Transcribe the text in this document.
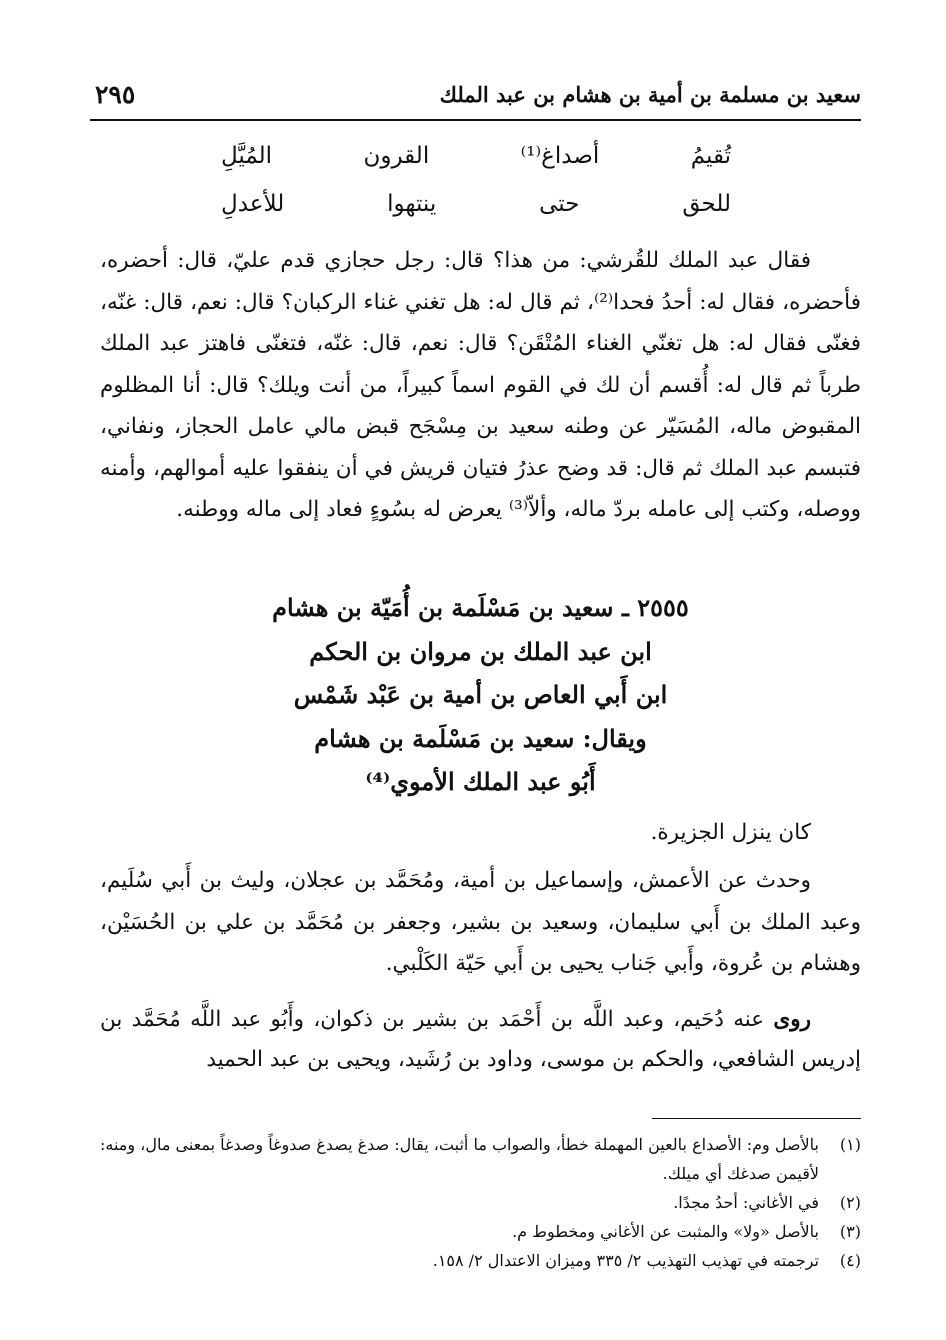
سعيد بن مسلمة بن أمية بن هشام بن عبد الملك
٢٩٥
تُقيمُ أصداغ⁽¹⁾ القرون المُيَّلِ
للحق حتى ينتهوا للأعدلِ
فقال عبد الملك للقُرشي: من هذا؟ قال: رجل حجازي قدم عليّ، قال: أحضره، فأحضره، فقال له: أحدُ فحدا⁽²⁾، ثم قال له: هل تغني غناء الركبان؟ قال: نعم، قال: غنّه، فغنّى فقال له: هل تغنّي الغناء المُتْقَن؟ قال: نعم، قال: غنّه، فتغنّى فاهتز عبد الملك طرباً ثم قال له: أُقسم أن لك في القوم اسماً كبيراً، من أنت ويلك؟ قال: أنا المظلوم المقبوض ماله، المُسَيّر عن وطنه سعيد بن مِسْجَح قبض مالي عامل الحجاز، ونفاني، فتبسم عبد الملك ثم قال: قد وضح عذرُ فتيان قريش في أن ينفقوا عليه أموالهم، وأمنه ووصله، وكتب إلى عامله بردّ ماله، وألاّ⁽³⁾ يعرض له بسُوءٍ فعاد إلى ماله ووطنه.
٢٥٥٥ ـ سعيد بن مَسْلَمة بن أُمَيّة بن هشام
ابن عبد الملك بن مروان بن الحكم
ابن أَبي العاص بن أمية بن عَبْد شَمْس
ويقال: سعيد بن مَسْلَمة بن هشام
أَبُو عبد الملك الأموي⁽⁴⁾
كان ينزل الجزيرة.
وحدث عن الأعمش، وإسماعيل بن أمية، ومُحَمَّد بن عجلان، وليث بن أَبي سُلَيم، وعبد الملك بن أَبي سليمان، وسعيد بن بشير، وجعفر بن مُحَمَّد بن علي بن الحُسَيْن، وهشام بن عُروة، وأَبي جَناب يحيى بن أَبي حَيّة الكَلْبي.
روى عنه دُحَيم، وعبد اللَّه بن أَحْمَد بن بشير بن ذكوان، وأَبُو عبد اللَّه مُحَمَّد بن إدريس الشافعي، والحكم بن موسى، وداود بن رُشَيد، ويحيى بن عبد الحميد
(١)
بالأصل وم: الأصداع بالعين المهملة خطأ، والصواب ما أثبت، يقال: صدغ يصدغ صدوغاً وصدغاً بمعنى مال، ومنه: لأقيمن صدغك أي ميلك.
(٢)
في الأغاني: أحدُ مجدًا.
(٣)
بالأصل «ولا» والمثبت عن الأغاني ومخطوط م.
(٤)
ترجمته في تهذيب التهذيب ٢/ ٣٣٥ وميزان الاعتدال ٢/ ١٥٨.
